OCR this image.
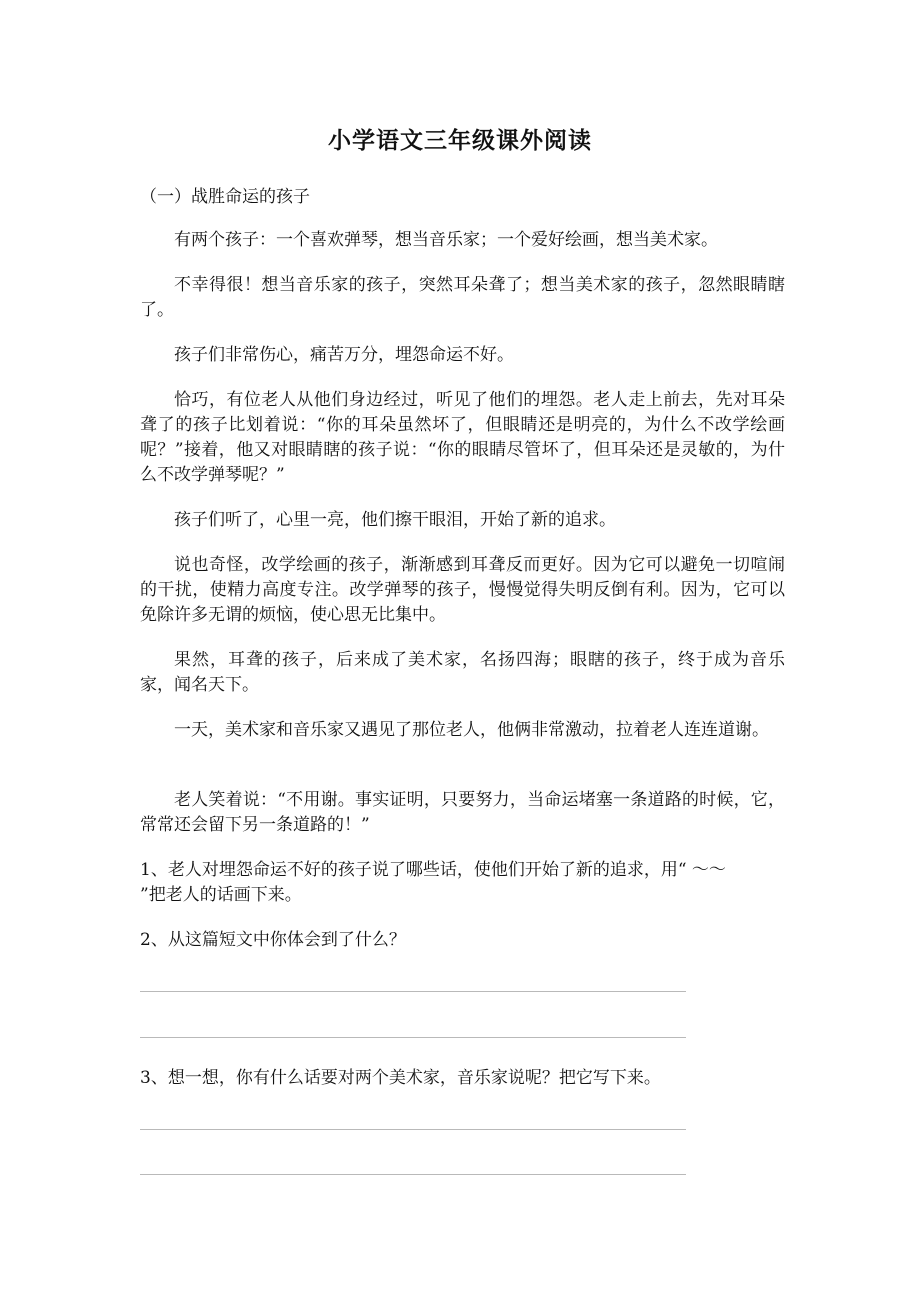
小学语文三年级课外阅读
（一）战胜命运的孩子

有两个孩子：一个喜欢弹琴，想当音乐家；一个爱好绘画，想当美术家。

不幸得很！想当音乐家的孩子，突然耳朵聋了；想当美术家的孩子，忽然眼睛瞎了。

孩子们非常伤心，痛苦万分，埋怨命运不好。

恰巧，有位老人从他们身边经过，听见了他们的埋怨。老人走上前去，先对耳朵聋了的孩子比划着说：“你的耳朵虽然坏了，但眼睛还是明亮的，为什么不改学绘画呢？”接着，他又对眼睛瞎的孩子说：“你的眼睛尽管坏了，但耳朵还是灵敏的，为什么不改学弹琴呢？”

孩子们听了，心里一亮，他们擦干眼泪，开始了新的追求。

说也奇怪，改学绘画的孩子，渐渐感到耳聋反而更好。因为它可以避免一切喧闹的干扰，使精力高度专注。改学弹琴的孩子，慢慢觉得失明反倒有利。因为，它可以免除许多无谓的烦恼，使心思无比集中。

果然，耳聋的孩子，后来成了美术家，名扬四海；眼瞎的孩子，终于成为音乐家，闻名天下。

一天，美术家和音乐家又遇见了那位老人，他俩非常激动，拉着老人连连道谢。

老人笑着说：“不用谢。事实证明，只要努力，当命运堵塞一条道路的时候，它，常常还会留下另一条道路的！”

1、老人对埋怨命运不好的孩子说了哪些话，使他们开始了新的追求，用“ ～～ ”把老人的话画下来。

2、从这篇短文中你体会到了什么？

3、想一想，你有什么话要对两个美术家，音乐家说呢？把它写下来。
